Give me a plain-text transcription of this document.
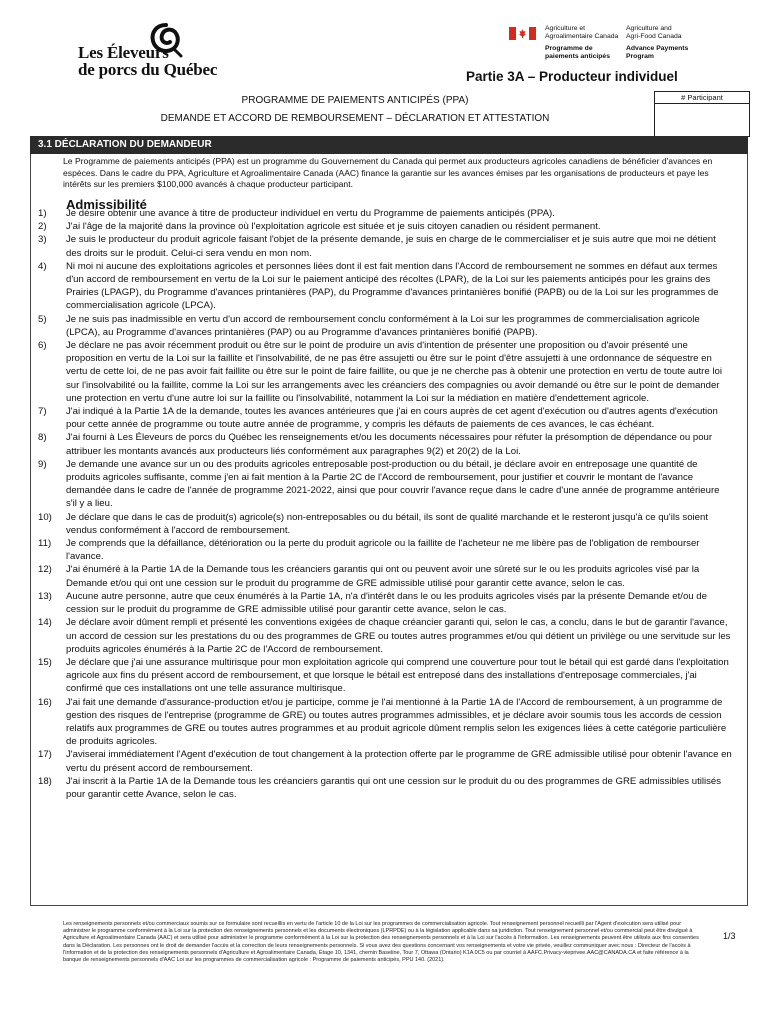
Les Éleveurs
de porcs du Québec
Agriculture et
Agroalimentaire Canada
Programme de
paiements anticipés
Agriculture and
Agri-Food Canada
Advance Payments
Program
Partie 3A – Producteur individuel
PROGRAMME DE PAIEMENTS ANTICIPÉS (PPA)
DEMANDE ET ACCORD DE REMBOURSEMENT – DÉCLARATION ET ATTESTATION
# Participant
3.1 DÉCLARATION DU DEMANDEUR
Le Programme de paiements anticipés (PPA) est un programme du Gouvernement du Canada qui permet aux producteurs agricoles canadiens de bénéficier d'avances en espèces. Dans le cadre du PPA, Agriculture et Agroalimentaire Canada (AAC) finance la garantie sur les avances émises par les organisations de producteurs et paye les intérêts sur les premiers $100,000 avancés à chaque producteur participant.
Admissibilité
1)	Je désire obtenir une avance à titre de producteur individuel en vertu du Programme de paiements anticipés (PPA).
2)	J'ai l'âge de la majorité dans la province où l'exploitation agricole est située et je suis citoyen canadien ou résident permanent.
3)	Je suis le producteur du produit agricole faisant l'objet de la présente demande, je suis en charge de le commercialiser et je suis autre que moi ne détient des droits sur le produit. Celui-ci sera vendu en mon nom.
4)	Ni moi ni aucune des exploitations agricoles et personnes liées dont il est fait mention dans l'Accord de remboursement ne sommes en défaut aux termes d'un accord de remboursement en vertu de la Loi sur le paiement anticipé des récoltes (LPAR), de la Loi sur les paiements anticipés pour les grains des Prairies (LPAGP), du Programme d'avances printanières (PAP), du Programme d'avances printanières bonifié (PAPB) ou de la Loi sur les programmes de commercialisation agricole (LPCA).
5)	Je ne suis pas inadmissible en vertu d'un accord de remboursement conclu conformément à la Loi sur les programmes de commercialisation agricole (LPCA), au Programme d'avances printanières (PAP) ou au Programme d'avances printanières bonifié (PAPB).
6)	Je déclare ne pas avoir récemment produit ou être sur le point de produire un avis d'intention de présenter une proposition ou d'avoir présenté une proposition en vertu de la Loi sur la faillite et l'insolvabilité, de ne pas être assujetti ou être sur le point d'être assujetti à une ordonnance de séquestre en vertu de cette loi, de ne pas avoir fait faillite ou être sur le point de faire faillite, ou que je ne cherche pas à obtenir une protection en vertu de toute autre loi sur l'insolvabilité ou la faillite, comme la Loi sur les arrangements avec les créanciers des compagnies ou avoir demandé ou être sur le point de demander une protection en vertu d'une autre loi sur la faillite ou l'insolvabilité, notamment la Loi sur la médiation en matière d'endettement agricole.
7)	J'ai indiqué à la Partie 1A de la demande, toutes les avances antérieures que j'ai en cours auprès de cet agent d'exécution ou d'autres agents d'exécution pour cette année de programme ou toute autre année de programme, y compris les défauts de paiements de ces avances, le cas échéant.
8)	J'ai fourni à Les Éleveurs de porcs du Québec les renseignements et/ou les documents nécessaires pour réfuter la présomption de dépendance ou pour attribuer les montants avancés aux producteurs liés conformément aux paragraphes 9(2) et 20(2) de la Loi.
9)	Je demande une avance sur un ou des produits agricoles entreposable post-production ou du bétail, je déclare avoir en entreposage une quantité de produits agricoles suffisante, comme j'en ai fait mention à la Partie 2C de l'Accord de remboursement, pour justifier et couvrir le montant de l'avance demandée dans le cadre de l'année de programme 2021-2022, ainsi que pour couvrir l'avance reçue dans le cadre d'une année de programme antérieure s'il y a lieu.
10)	Je déclare que dans le cas de produit(s) agricole(s) non-entreposables ou du bétail, ils sont de qualité marchande et le resteront jusqu'à ce qu'ils soient vendus conformément à l'accord de remboursement.
11)	Je comprends que la défaillance, détérioration ou la perte du produit agricole ou la faillite de l'acheteur ne me libère pas de l'obligation de rembourser l'avance.
12)	J'ai énuméré à la Partie 1A de la Demande tous les créanciers garantis qui ont ou peuvent avoir une sûreté sur le ou les produits agricoles visé par la Demande et/ou qui ont une cession sur le produit du programme de GRE admissible utilisé pour garantir cette avance, selon le cas.
13)	Aucune autre personne, autre que ceux énumérés à la Partie 1A, n'a d'intérêt dans le ou les produits agricoles visés par la présente Demande et/ou de cession sur le produit du programme de GRE admissible utilisé pour garantir cette avance, selon le cas.
14)	Je déclare avoir dûment rempli et présenté les conventions exigées de chaque créancier garanti qui, selon le cas, a conclu, dans le but de garantir l'avance, un accord de cession sur les prestations du ou des programmes de GRE ou toutes autres programmes et/ou qui détient un privilège ou une servitude sur les produits agricoles énumérés à la Partie 2C de l'Accord de remboursement.
15)	Je déclare que j'ai une assurance multirisque pour mon exploitation agricole qui comprend une couverture pour tout le bétail qui est gardé dans l'exploitation agricole aux fins du présent accord de remboursement, et que lorsque le bétail est entreposé dans des installations d'entreposage commerciales, j'ai confirmé que ces installations ont une telle assurance multirisque.
16)	J'ai fait une demande d'assurance-production et/ou je participe, comme je l'ai mentionné à la Partie 1A de l'Accord de remboursement, à un programme de gestion des risques de l'entreprise (programme de GRE) ou toutes autres programmes admissibles, et je déclare avoir soumis tous les accords de cession relatifs aux programmes de GRE ou toutes autres programmes et au produit agricole dûment remplis selon les exigences liées à cette catégorie particulière de produits agricoles.
17)	J'aviserai immédiatement l'Agent d'exécution de tout changement à la protection offerte par le programme de GRE admissible utilisé pour obtenir l'avance en vertu du présent accord de remboursement.
18)	J'ai inscrit à la Partie 1A de la Demande tous les créanciers garantis qui ont une cession sur le produit du ou des programmes de GRE admissibles utilisés pour garantir cette Avance, selon le cas.
Les renseignements personnels et/ou commerciaux soumis sur ce formulaire sont recueillis en vertu de l'article 10 de la Loi sur les programmes de commercialisation agricole. Tout renseignement personnel recueilli par l'Agent d'exécution sera utilisé pour administrer le programme conformément à la Loi sur la protection des renseignements personnels et les documents électroniques (LPRPDE) ou à la législation applicable dans sa juridiction. Tout renseignement personnel et/ou commercial peut être divulgué à Agriculture et Agroalimentaire Canada (AAC) et sera utilisé pour administrer le programme conformément à la Loi sur la protection des renseignements personnels et à la Loi sur l'accès à l'information. Les renseignements peuvent être utilisés aux fins consenties dans la Déclaration. Les personnes ont le droit de demander l'accès et la correction de leurs renseignements personnels. Si vous avez des questions concernant vos renseignements et votre vie privée, veuillez communiquer avec nous : Directeur de l'accès à l'information et de la protection des renseignements personnels d'Agriculture et Agroalimentaire Canada, Étage 10, 1341, chemin Baseline, Tour 7, Ottawa (Ontario) K1A 0C5 ou par courriel à AAFC.Privacy-vieprivee.AAC@CANADA.CA et faite référence à la banque de renseignements personnels d'AAC Loi sur les programmes de commercialisation agricole : Programme de paiements anticipés, PPU 140. (2021).
1/3
